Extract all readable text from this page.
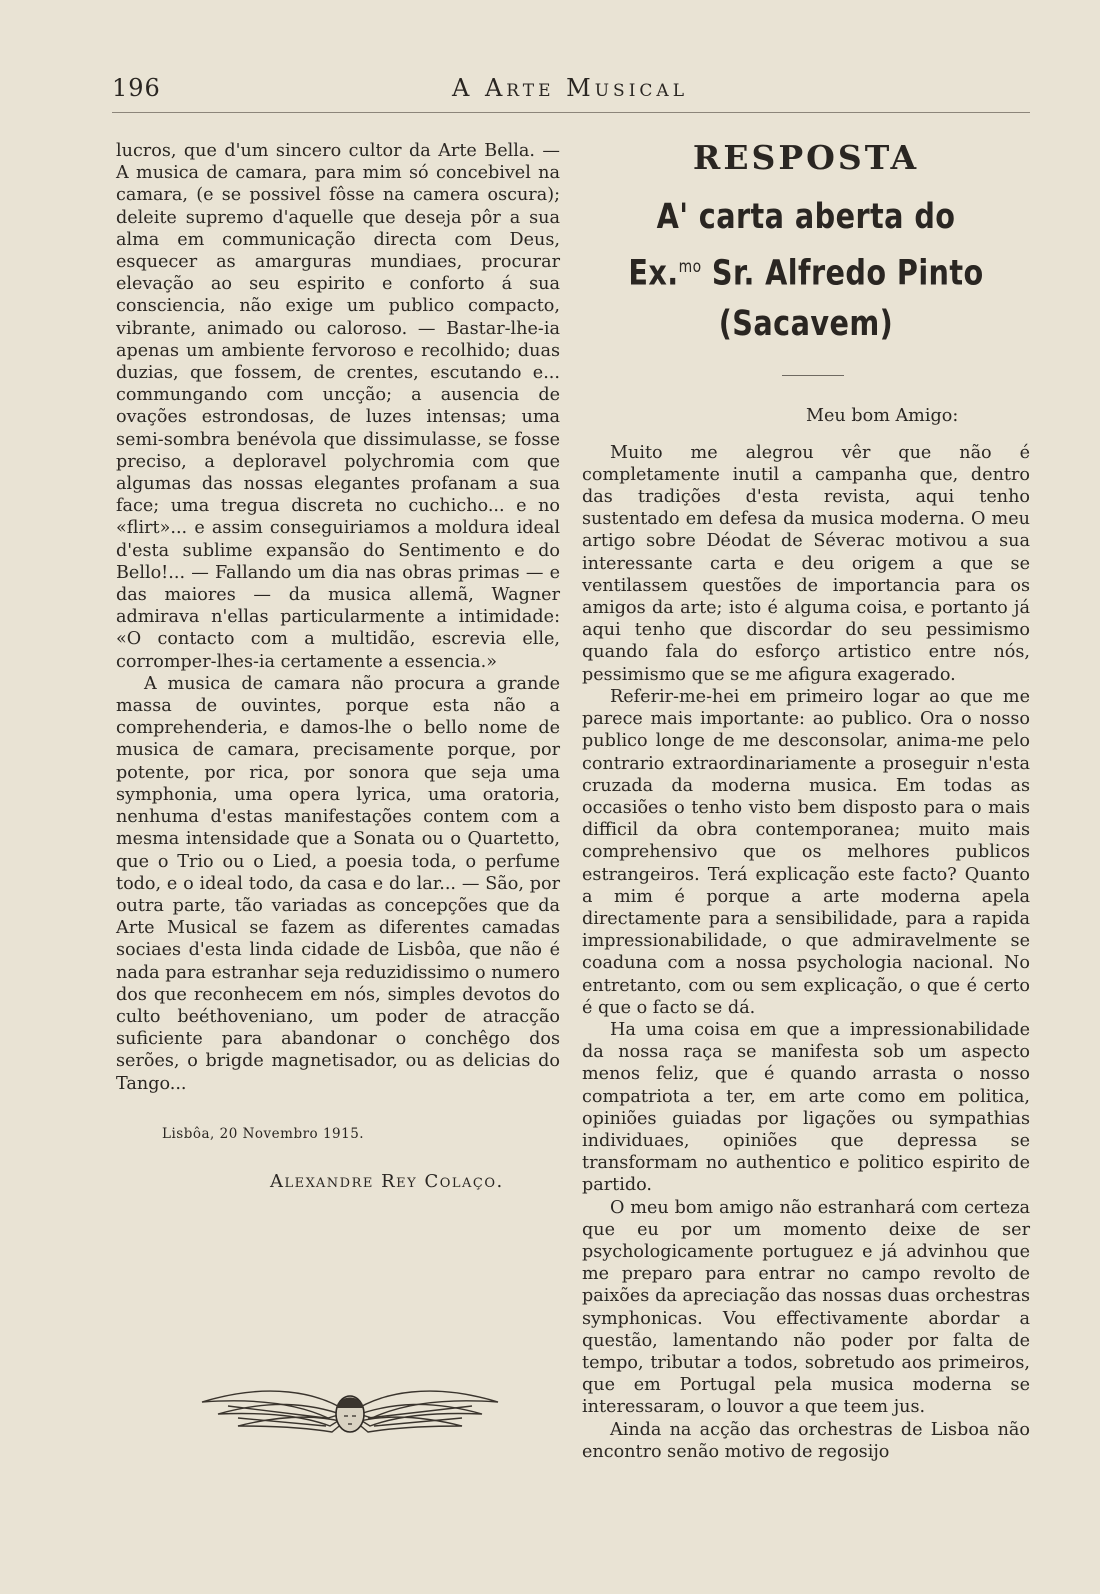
196	A Arte Musical

lucros, que d'um sincero cultor da Arte Bella. — A musica de camara, para mim só concebivel na camara, (e se possivel fôsse na camera oscura); deleite supremo d'aquelle que deseja pôr a sua alma em communicação directa com Deus, esquecer as amarguras mundiaes, procurar elevação ao seu espirito e conforto á sua consciencia, não exige um publico compacto, vibrante, animado ou caloroso. — Bastar-lhe-ia apenas um ambiente fervoroso e recolhido; duas duzias, que fossem, de crentes, escutando e... commungando com uncção; a ausencia de ovações estrondosas, de luzes intensas; uma semi-sombra benévola que dissimulasse, se fosse preciso, a deploravel polychromia com que algumas das nossas elegantes profanam a sua face; uma tregua discreta no cuchicho... e no «flirt»... e assim conseguiriamos a moldura ideal d'esta sublime expansão do Sentimento e do Bello!... — Fallando um dia nas obras primas — e das maiores — da musica allemã, Wagner admirava n'ellas particularmente a intimidade: «O contacto com a multidão, escrevia elle, corromper-lhes-ia certamente a essencia.»

A musica de camara não procura a grande massa de ouvintes, porque esta não a comprehenderia, e damos-lhe o bello nome de musica de camara, precisamente porque, por potente, por rica, por sonora que seja uma symphonia, uma opera lyrica, uma oratoria, nenhuma d'estas manifestações contem com a mesma intensidade que a Sonata ou o Quartetto, que o Trio ou o Lied, a poesia toda, o perfume todo, e o ideal todo, da casa e do lar... — São, por outra parte, tão variadas as concepções que da Arte Musical se fazem as diferentes camadas sociaes d'esta linda cidade de Lisbôa, que não é nada para estranhar seja reduzidissimo o numero dos que reconhecem em nós, simples devotos do culto beéthoveniano, um poder de atracção suficiente para abandonar o conchêgo dos serões, o brigde magnetisador, ou as delicias do Tango...

Lisbôa, 20 Novembro 1915.
Alexandre Rey Colaço.
RESPOSTA
A' carta aberta do Ex.$^{mo}$ Sr. Alfredo Pinto (Sacavem)
Meu bom Amigo:

Muito me alegrou vêr que não é completamente inutil a campanha que, dentro das tradições d'esta revista, aqui tenho sustentado em defesa da musica moderna. O meu artigo sobre Déodat de Séverac motivou a sua interessante carta e deu origem a que se ventilassem questões de importancia para os amigos da arte; isto é alguma coisa, e portanto já aqui tenho que discordar do seu pessimismo quando fala do esforço artistico entre nós, pessimismo que se me afigura exagerado.

Referir-me-hei em primeiro logar ao que me parece mais importante: ao publico. Ora o nosso publico longe de me desconsolar, anima-me pelo contrario extraordinariamente a proseguir n'esta cruzada da moderna musica. Em todas as occasiões o tenho visto bem disposto para o mais difficil da obra contemporanea; muito mais comprehensivo que os melhores publicos estrangeiros. Terá explicação este facto? Quanto a mim é porque a arte moderna apela directamente para a sensibilidade, para a rapida impressionabilidade, o que admiravelmente se coaduna com a nossa psychologia nacional. No entretanto, com ou sem explicação, o que é certo é que o facto se dá.

Ha uma coisa em que a impressionabilidade da nossa raça se manifesta sob um aspecto menos feliz, que é quando arrasta o nosso compatriota a ter, em arte como em politica, opiniões guiadas por ligações ou sympathias individuaes, opiniões que depressa se transformam no authentico e politico espirito de partido.

O meu bom amigo não estranhará com certeza que eu por um momento deixe de ser psychologicamente portuguez e já advinhou que me preparo para entrar no campo revolto de paixões da apreciação das nossas duas orchestras symphonicas. Vou effectivamente abordar a questão, lamentando não poder por falta de tempo, tributar a todos, sobretudo aos primeiros, que em Portugal pela musica moderna se interessaram, o louvor a que teem jus.

Ainda na acção das orchestras de Lisboa não encontro senão motivo de regosijo
